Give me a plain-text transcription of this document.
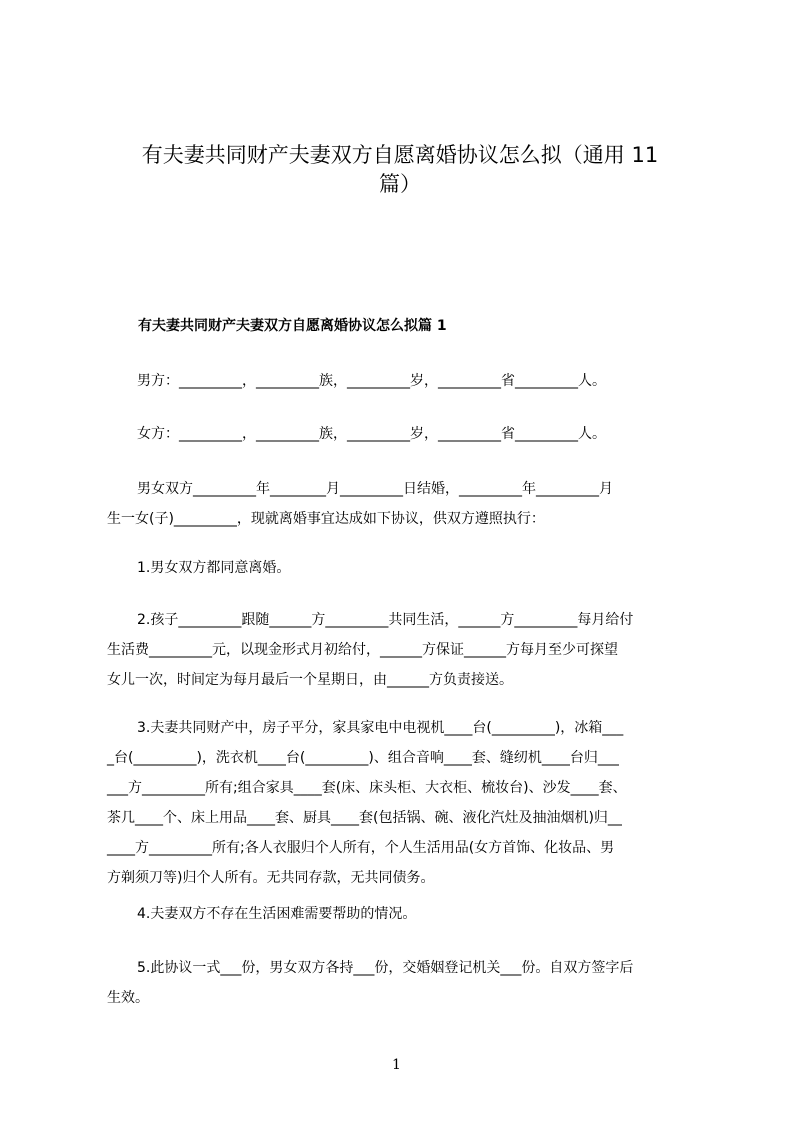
有夫妻共同财产夫妻双方自愿离婚协议怎么拟（通用 11
篇）
有夫妻共同财产夫妻双方自愿离婚协议怎么拟篇 1

男方：_________，_________族，_________岁，_________省_________人。

女方：_________，_________族，_________岁，_________省_________人。

男女双方_________年________月_________日结婚，_________年_________月
生一女(子)_________，现就离婚事宜达成如下协议，供双方遵照执行：

1.男女双方都同意离婚。

2.孩子_________跟随______方_________共同生活，______方_________每月给付
生活费_________元，以现金形式月初给付，______方保证______方每月至少可探望
女儿一次，时间定为每月最后一个星期日，由______方负责接送。

3.夫妻共同财产中，房子平分，家具家电中电视机____台(_________)，冰箱___
_台(_________)，洗衣机____台(_________)、组合音响____套、缝纫机____台归___
___方_________所有;组合家具____套(床、床头柜、大衣柜、梳妆台)、沙发____套、
茶几____个、床上用品____套、厨具____套(包括锅、碗、液化汽灶及抽油烟机)归__
____方_________所有;各人衣服归个人所有，个人生活用品(女方首饰、化妆品、男
方剃须刀等)归个人所有。无共同存款，无共同债务。

4.夫妻双方不存在生活困难需要帮助的情况。

5.此协议一式___份，男女双方各持___份，交婚姻登记机关___份。自双方签字后
生效。

1
